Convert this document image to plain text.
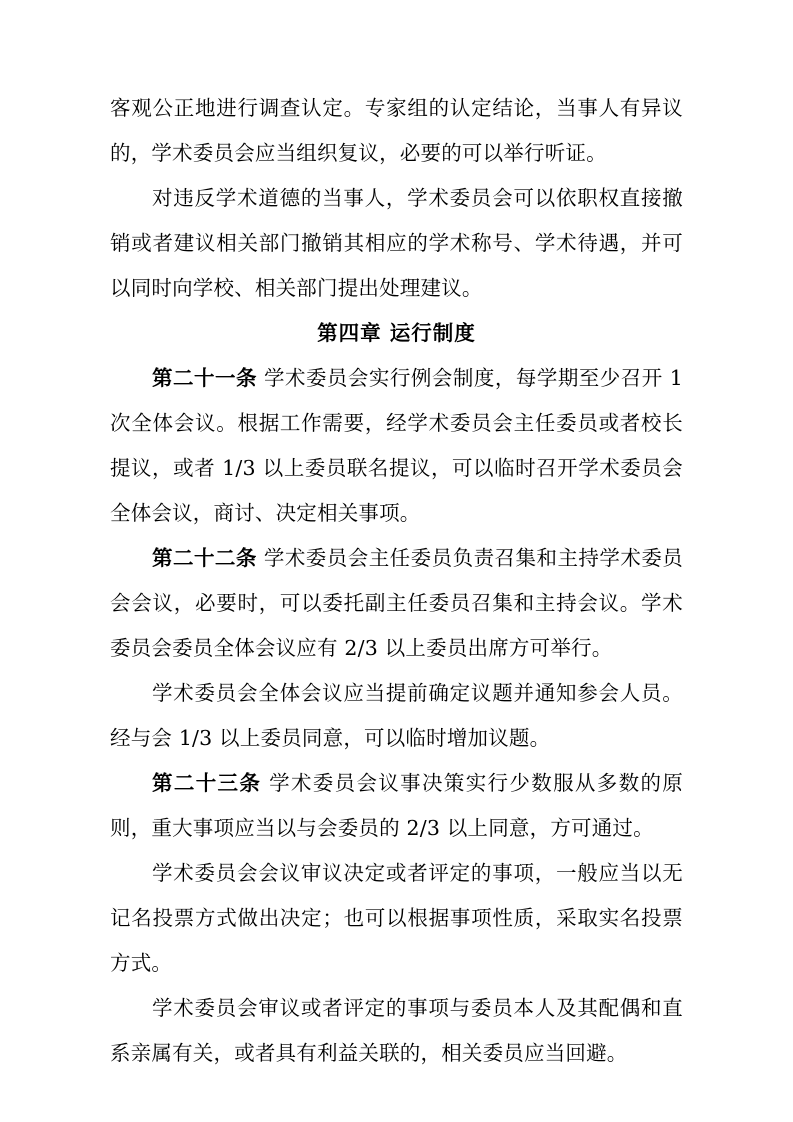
客观公正地进行调查认定。专家组的认定结论，当事人有异议的，学术委员会应当组织复议，必要的可以举行听证。

对违反学术道德的当事人，学术委员会可以依职权直接撤销或者建议相关部门撤销其相应的学术称号、学术待遇，并可以同时向学校、相关部门提出处理建议。

第四章 运行制度

第二十一条 学术委员会实行例会制度，每学期至少召开 1 次全体会议。根据工作需要，经学术委员会主任委员或者校长提议，或者 1/3 以上委员联名提议，可以临时召开学术委员会全体会议，商讨、决定相关事项。

第二十二条 学术委员会主任委员负责召集和主持学术委员会会议，必要时，可以委托副主任委员召集和主持会议。学术委员会委员全体会议应有 2/3 以上委员出席方可举行。

学术委员会全体会议应当提前确定议题并通知参会人员。经与会 1/3 以上委员同意，可以临时增加议题。

第二十三条 学术委员会议事决策实行少数服从多数的原则，重大事项应当以与会委员的 2/3 以上同意，方可通过。

学术委员会会议审议决定或者评定的事项，一般应当以无记名投票方式做出决定；也可以根据事项性质，采取实名投票方式。

学术委员会审议或者评定的事项与委员本人及其配偶和直系亲属有关，或者具有利益关联的，相关委员应当回避。
